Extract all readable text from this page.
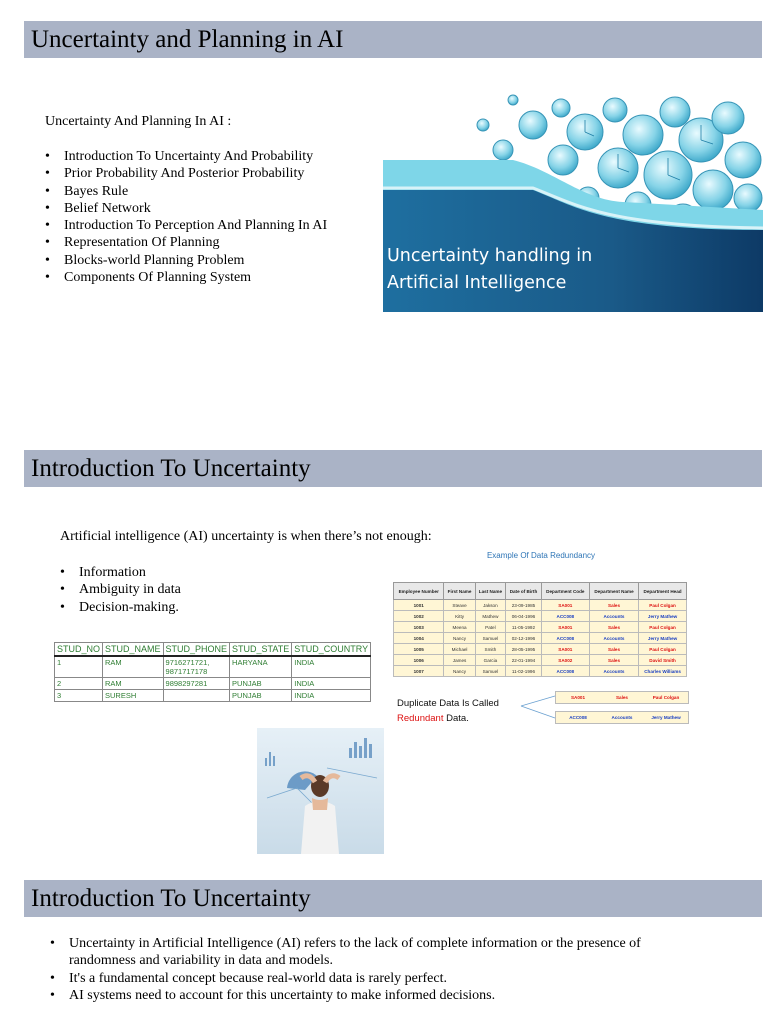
Uncertainty and Planning in AI
Uncertainty And Planning In AI :
• Introduction To Uncertainty And Probability
• Prior Probability And Posterior Probability
• Bayes Rule
• Belief Network
• Introduction To Perception And Planning In AI
• Representation Of Planning
• Blocks-world Planning Problem
• Components Of Planning System
Uncertainty handling in
Artificial Intelligence
Introduction To Uncertainty
Artificial intelligence (AI) uncertainty is when there’s not enough:
• Information
• Ambiguity in data
• Decision-making.
STUD_NO	STUD_NAME	STUD_PHONE	STUD_STATE	STUD_COUNTRY
1	RAM	9716271721, 9871717178	HARYANA	INDIA
2	RAM	9898297281	PUNJAB	INDIA
3	SURESH		PUNJAB	INDIA
Example Of Data Redundancy
Employee Number	First Name	Last Name	Date of Birth	Department Code	Department Name	Department Head
1001	Steave	Jakson	23-09-1985	SA001	Sales	Paul Colgan
1002	Kitty	Mathew	06-04-1996	ACC008	Accounts	Jerry Mathew
1003	Meena	Patel	11-05-1992	SA001	Sales	Paul Colgan
1004	Nancy	Samuel	02-12-1996	ACC008	Accounts	Jerry Mathew
1005	Michael	Smith	28-05-1995	SA001	Sales	Paul Colgan
1006	James	Garcia	22-01-1994	SA002	Sales	David Smith
1007	Nancy	Samuel	11-02-1996	ACC008	Accounts	Charles Williams
Duplicate Data Is Called
Redundant Data.
SA001	Sales	Paul Colgan
ACC008	Accounts	Jerry Mathew
Introduction To Uncertainty
• Uncertainty in Artificial Intelligence (AI) refers to the lack of complete information or the presence of randomness and variability in data and models.
• It's a fundamental concept because real-world data is rarely perfect.
• AI systems need to account for this uncertainty to make informed decisions.
